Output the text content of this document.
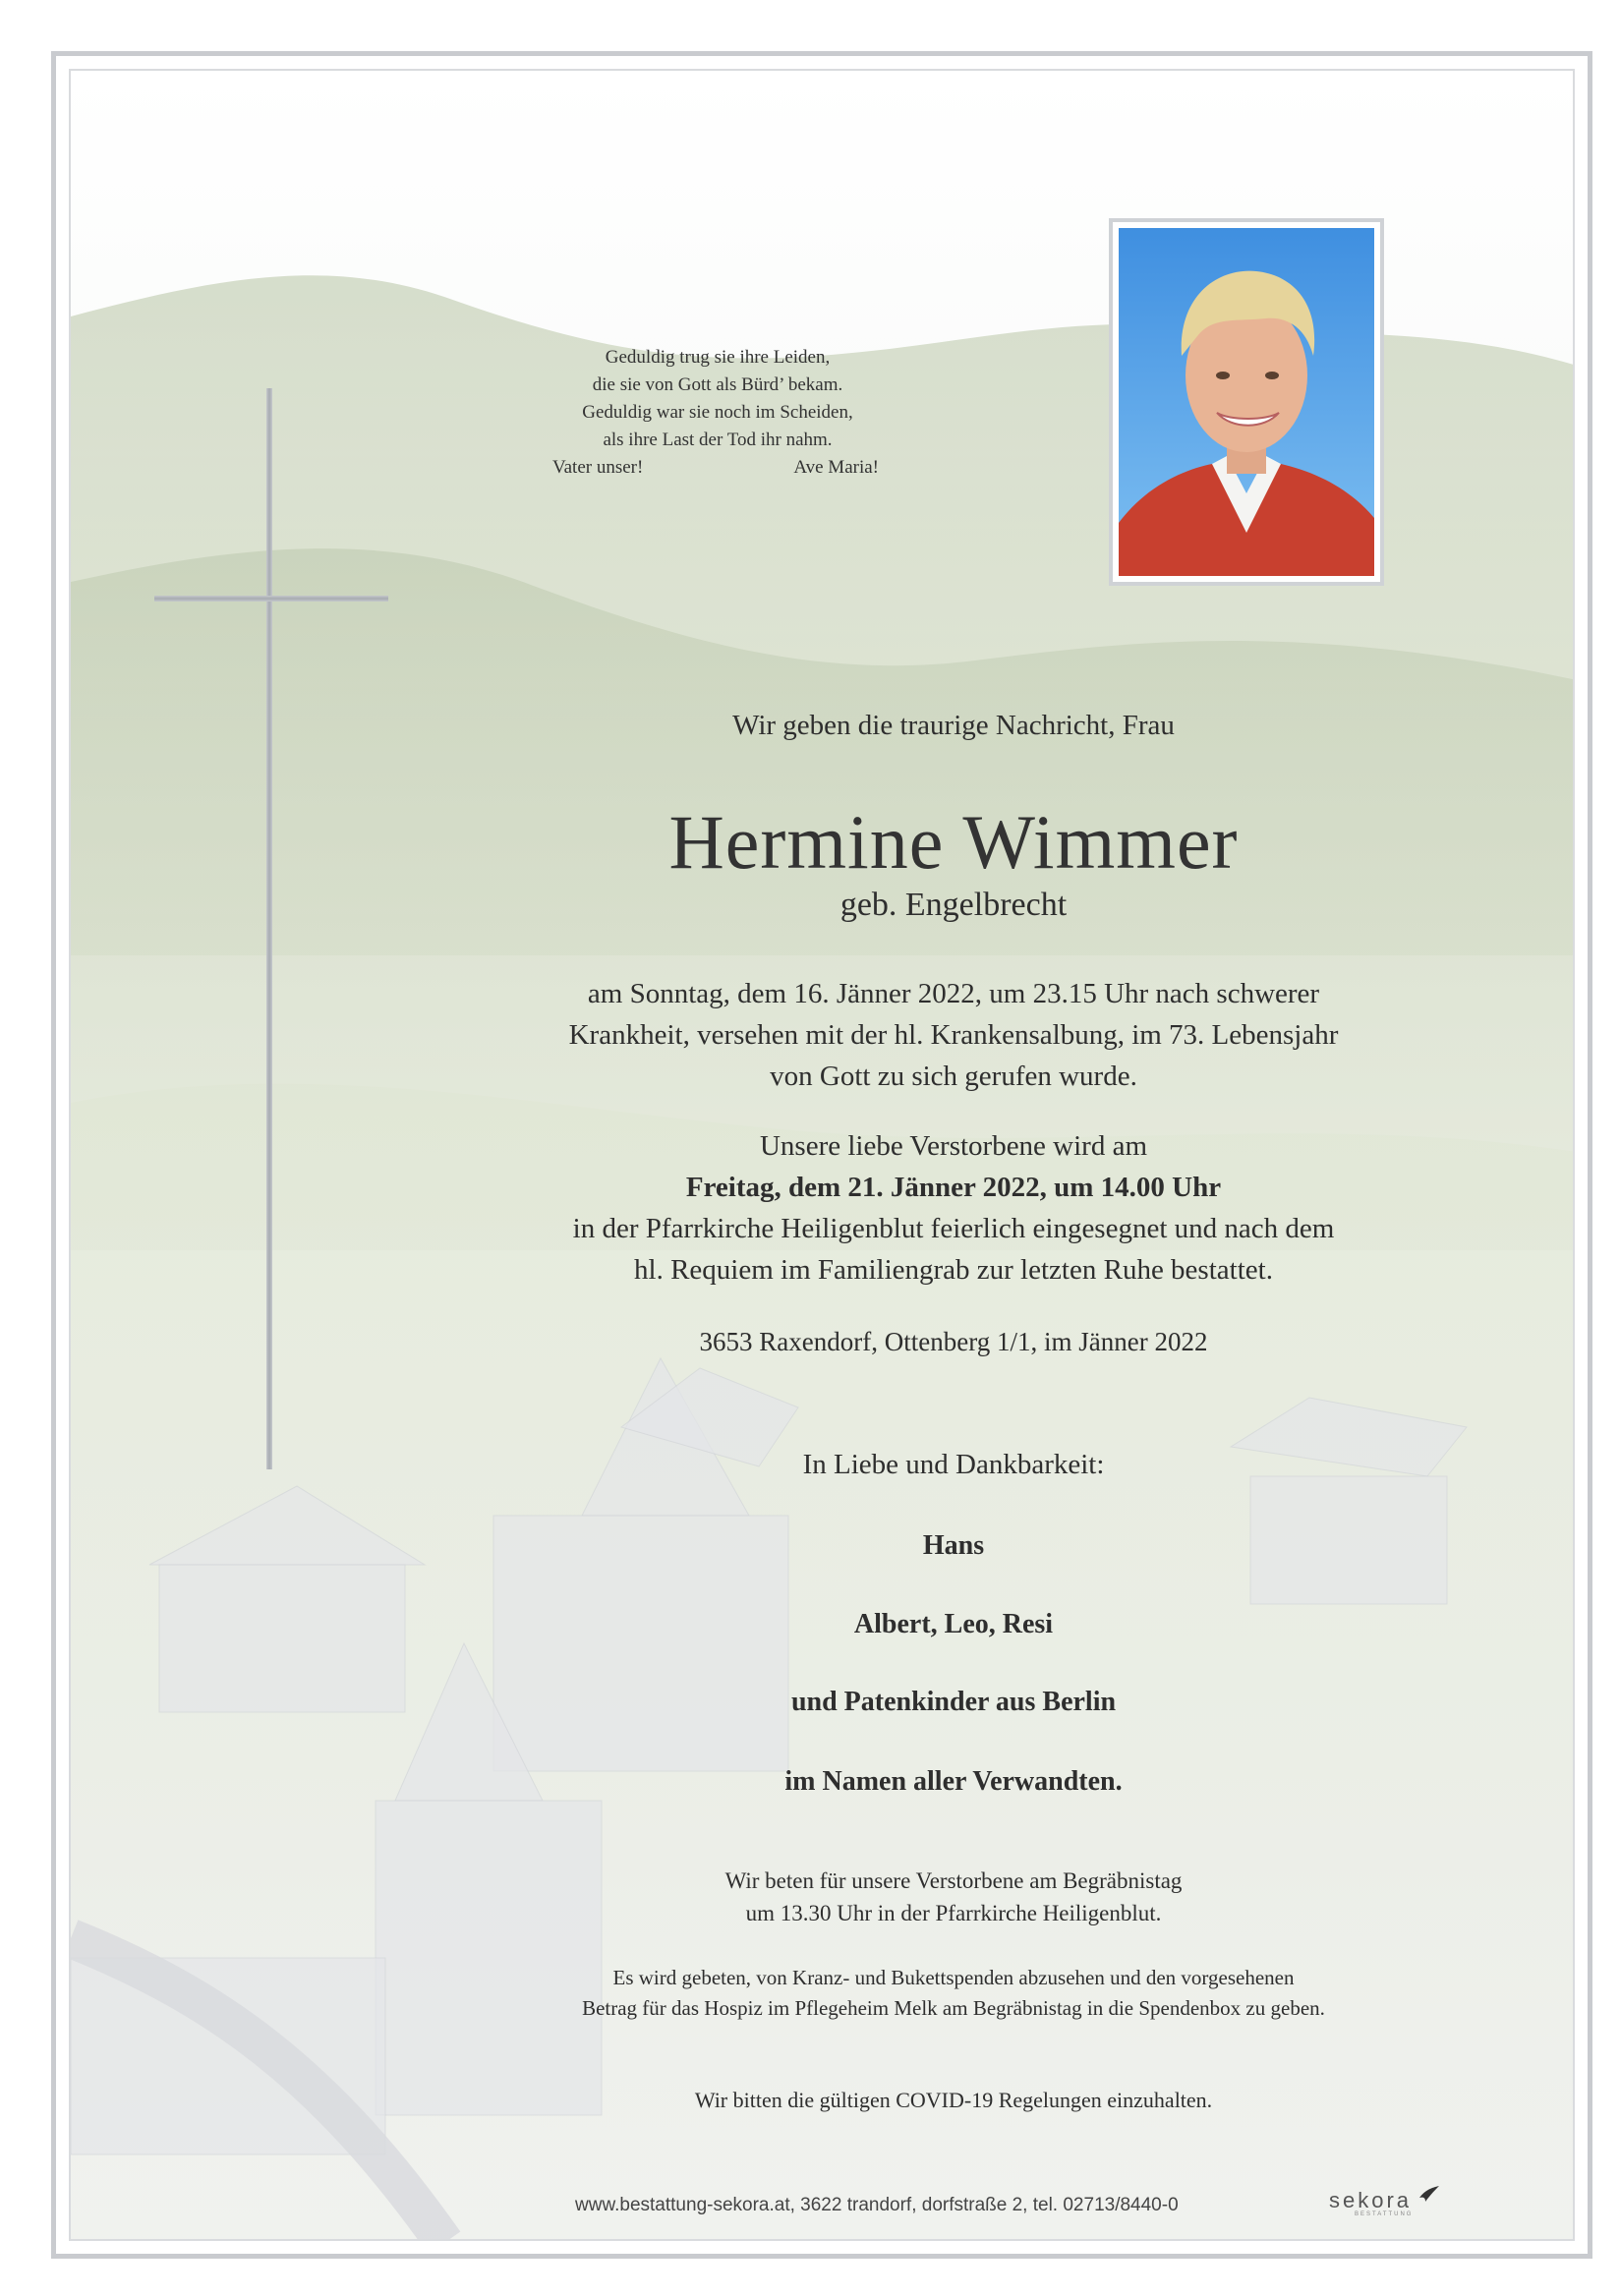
Geduldig trug sie ihre Leiden,
die sie von Gott als Bürd’ bekam.
Geduldig war sie noch im Scheiden,
als ihre Last der Tod ihr nahm.
Vater unser!	Ave Maria!
Wir geben die traurige Nachricht, Frau
Hermine Wimmer
geb. Engelbrecht
am Sonntag, dem 16. Jänner 2022, um 23.15 Uhr nach schwerer
Krankheit, versehen mit der hl. Krankensalbung, im 73. Lebensjahr
von Gott zu sich gerufen wurde.
Unsere liebe Verstorbene wird am
Freitag, dem 21. Jänner 2022, um 14.00 Uhr
in der Pfarrkirche Heiligenblut feierlich eingesegnet und nach dem
hl. Requiem im Familiengrab zur letzten Ruhe bestattet.
3653 Raxendorf, Ottenberg 1/1, im Jänner 2022
In Liebe und Dankbarkeit:
Hans
Albert, Leo, Resi
und Patenkinder aus Berlin
im Namen aller Verwandten.
Wir beten für unsere Verstorbene am Begräbnistag
um 13.30 Uhr in der Pfarrkirche Heiligenblut.
Es wird gebeten, von Kranz- und Bukettspenden abzusehen und den vorgesehenen
Betrag für das Hospiz im Pflegeheim Melk am Begräbnistag in die Spendenbox zu geben.
Wir bitten die gültigen COVID-19 Regelungen einzuhalten.
www.bestattung-sekora.at, 3622 trandorf, dorfstraße 2, tel. 02713/8440-0	sekora
BESTATTUNG
